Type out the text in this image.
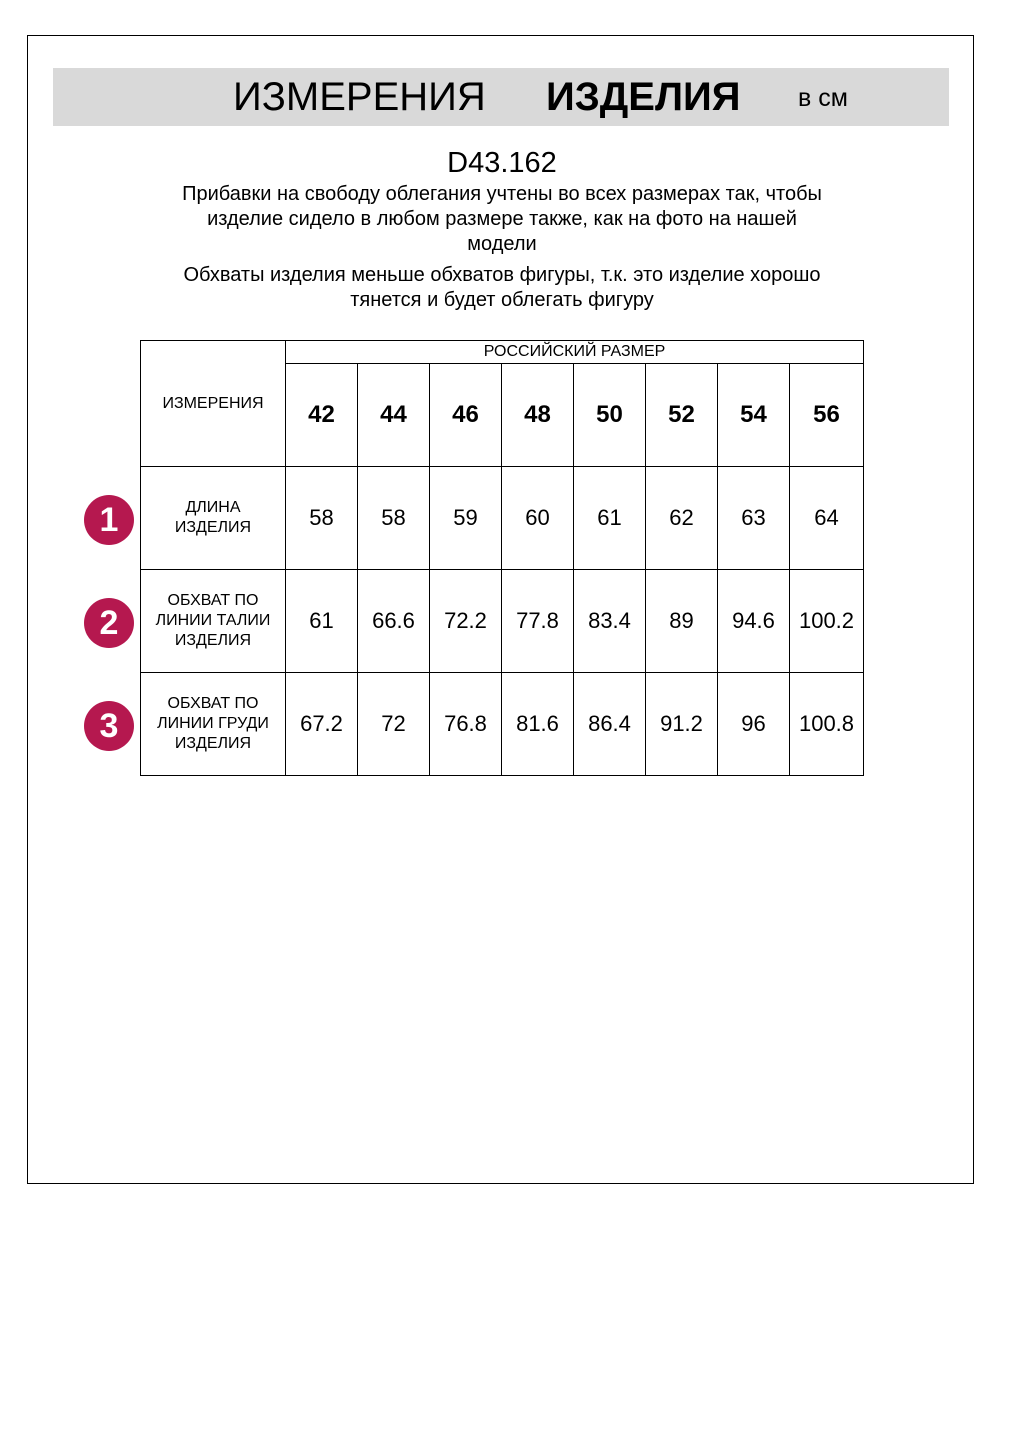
ИЗМЕРЕНИЯ ИЗДЕЛИЯ в см
D43.162
Прибавки на свободу облегания учтены во всех размерах так, чтобы
изделие сидело в любом размере также, как на фото на нашей
модели
Обхваты изделия меньше обхватов фигуры, т.к. это изделие хорошо
тянется и будет облегать фигуру
1
2
3
ИЗМЕРЕНИЯ	РОССИЙСКИЙ РАЗМЕР							
	42	44	46	48	50	52	54	56

ДЛИНА
ИЗДЕЛИЯ	58	58	59	60	61	62	63	64

ОБХВАТ ПО
ЛИНИИ ТАЛИИ
ИЗДЕЛИЯ	61	66.6	72.2	77.8	83.4	89	94.6	100.2

ОБХВАТ ПО
ЛИНИИ ГРУДИ
ИЗДЕЛИЯ	67.2	72	76.8	81.6	86.4	91.2	96	100.8
